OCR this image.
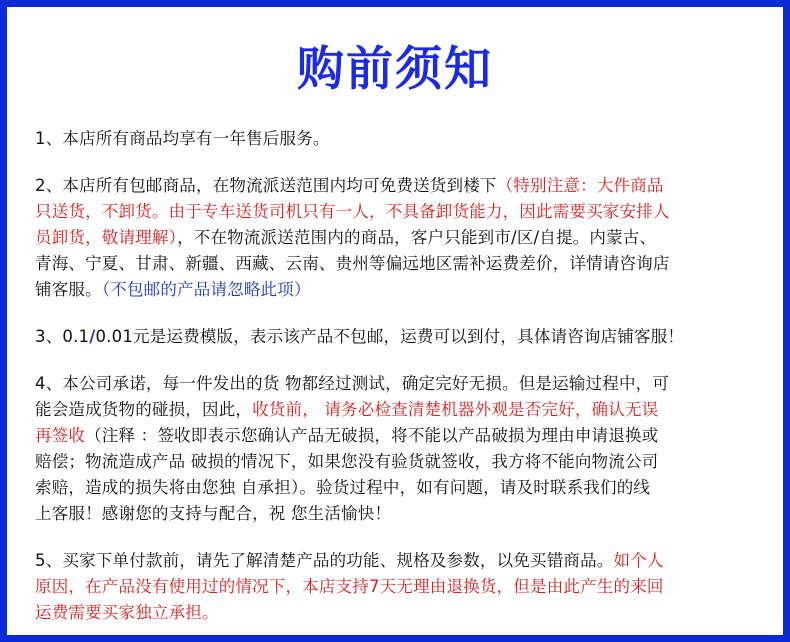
购前须知

1、本店所有商品均享有一年售后服务。

2、本店所有包邮商品，在物流派送范围内均可免费送货到楼下（特别注意：大件商品
只送货，不卸货。由于专车送货司机只有一人，不具备卸货能力，因此需要买家安排人
员卸货，敬请理解），不在物流派送范围内的商品，客户只能到市/区/自提。内蒙古、
青海、宁夏、甘肃、新疆、西藏、云南、贵州等偏远地区需补运费差价，详情请咨询店
铺客服。（不包邮的产品请忽略此项）

3、0.1/0.01元是运费模版，表示该产品不包邮，运费可以到付，具体请咨询店铺客服！

4、本公司承诺，每一件发出的货 物都经过测试，确定完好无损。但是运输过程中，可
能会造成货物的碰损，因此，收货前， 请务必检查清楚机器外观是否完好，确认无误
再签收（注释 ：签收即表示您确认产品无破损，将不能以产品破损为理由申请退换或
赔偿；物流造成产品 破损的情况下，如果您没有验货就签收，我方将不能向物流公司
索赔，造成的损失将由您独 自承担）。验货过程中，如有问题，请及时联系我们的线
上客服！感谢您的支持与配合，祝 您生活愉快！

5、买家下单付款前，请先了解清楚产品的功能、规格及参数，以免买错商品。如个人
原因，在产品没有使用过的情况下，本店支持7天无理由退换货，但是由此产生的来回
运费需要买家独立承担。
